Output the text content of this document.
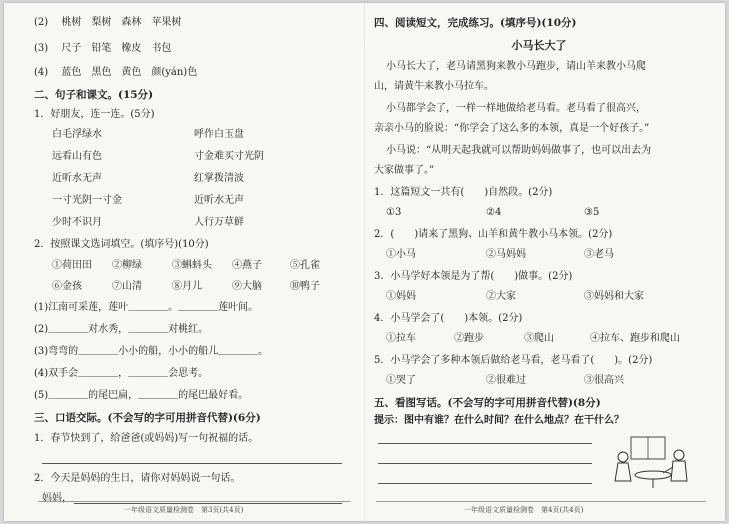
(2) 桃树　梨树　森林　苹果树
(3) 尺子　铅笔　橡皮　书包
(4) 蓝色　黑色　黄色　颜(yán)色
二、句子和课文。(15分)
1．好朋友，连一连。(5分)
白毛浮绿水	呼作白玉盘
远看山有色	寸金难买寸光阴
近听水无声	红掌拨清波
一寸光阴一寸金	近听水无声
少时不识月	人行万草鲜
2．按照课文选词填空。(填序号)(10分)
①荷田田 ②柳绿	③蝌蚪头 ④燕子	⑤孔雀
⑥金孩	⑦山清	⑧月儿	⑨大脑	⑩鸭子
(1)江南可采莲，莲叶＿＿＿＿。＿＿＿＿莲叶间。
(2)＿＿＿＿对水秀，＿＿＿＿对桃红。
(3)弯弯的＿＿＿＿小小的船，小小的船儿＿＿＿＿。
(4)双手会＿＿＿＿，＿＿＿＿会思考。
(5)＿＿＿＿的尾巴扁，＿＿＿＿的尾巴最好看。
三、口语交际。(不会写的字可用拼音代替)(6分)
1．春节快到了，给爸爸(或妈妈)写一句祝福的话。
2．今天是妈妈的生日，请你对妈妈说一句话。
妈妈，
一年级语文质量检测卷　第3页(共4页)
四、阅读短文，完成练习。(填序号)(10分)
小马长大了
小马长大了，老马请黑狗来教小马跑步，请山羊来教小马爬
山，请黄牛来教小马拉车。
小马都学会了，一样一样地做给老马看。老马看了很高兴，
亲亲小马的脸说：“你学会了这么多的本领，真是一个好孩子。”
小马说：“从明天起我就可以帮助妈妈做事了，也可以出去为
大家做事了。”
1．这篇短文一共有(　　)自然段。(2分)
①3	②4	③5
2．(　　)请来了黑狗、山羊和黄牛教小马本领。(2分)
①小马	②马妈妈	③老马
3．小马学好本领是为了帮(　　)做事。(2分)
①妈妈	②大家	③妈妈和大家
4．小马学会了(　　)本领。(2分)
①拉车	②跑步	③爬山	④拉车、跑步和爬山
5．小马学会了多种本领后做给老马看，老马看了(　　)。(2分)
①哭了	②很难过	③很高兴
五、看图写话。(不会写的字可用拼音代替)(8分)
提示：图中有谁？在什么时间？在什么地点？在干什么？
一年级语文质量检测卷　第4页(共4页)
